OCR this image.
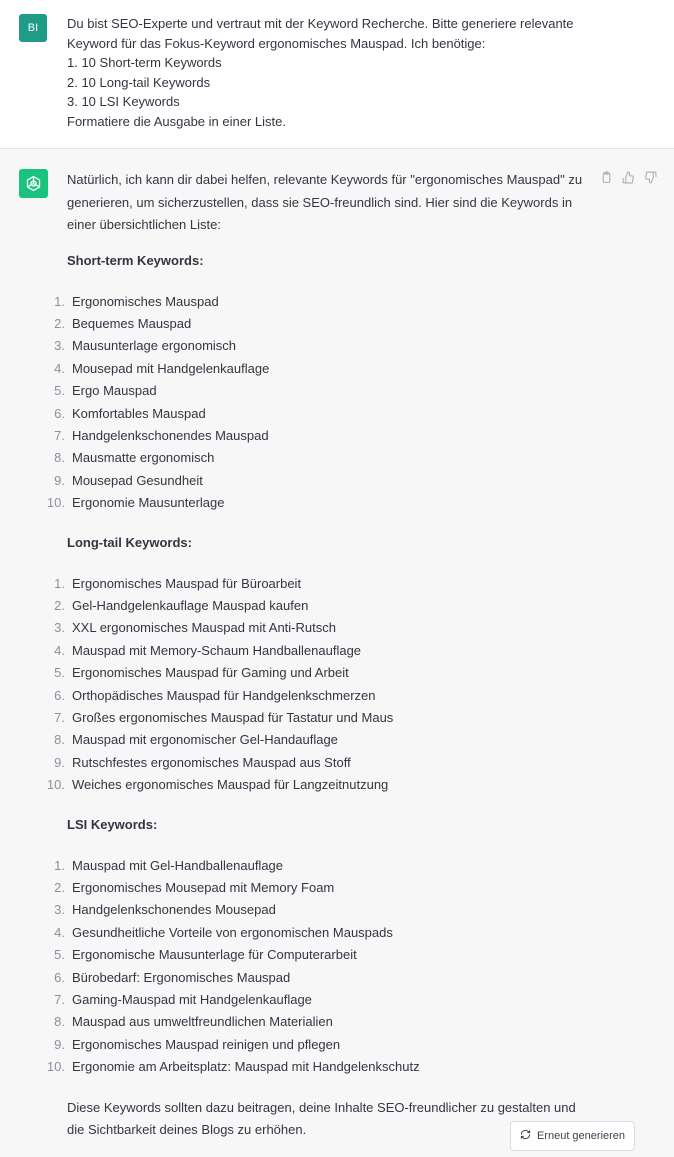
BI	Du bist SEO-Experte und vertraut mit der Keyword Recherche. Bitte generiere relevante
Keyword für das Fokus-Keyword ergonomisches Mauspad. Ich benötige:
1. 10 Short-term Keywords
2. 10 Long-tail Keywords
3. 10 LSI Keywords
Formatiere die Ausgabe in einer Liste.

Natürlich, ich kann dir dabei helfen, relevante Keywords für "ergonomisches Mauspad" zu generieren, um sicherzustellen, dass sie SEO-freundlich sind. Hier sind die Keywords in einer übersichtlichen Liste:

Short-term Keywords:
1. Ergonomisches Mauspad
2. Bequemes Mauspad
3. Mausunterlage ergonomisch
4. Mousepad mit Handgelenkauflage
5. Ergo Mauspad
6. Komfortables Mauspad
7. Handgelenkschonendes Mauspad
8. Mausmatte ergonomisch
9. Mousepad Gesundheit
10. Ergonomie Mausunterlage
Long-tail Keywords:
1. Ergonomisches Mauspad für Büroarbeit
2. Gel-Handgelenkauflage Mauspad kaufen
3. XXL ergonomisches Mauspad mit Anti-Rutsch
4. Mauspad mit Memory-Schaum Handballenauflage
5. Ergonomisches Mauspad für Gaming und Arbeit
6. Orthopädisches Mauspad für Handgelenkschmerzen
7. Großes ergonomisches Mauspad für Tastatur und Maus
8. Mauspad mit ergonomischer Gel-Handauflage
9. Rutschfestes ergonomisches Mauspad aus Stoff
10. Weiches ergonomisches Mauspad für Langzeitnutzung
LSI Keywords:
1. Mauspad mit Gel-Handballenauflage
2. Ergonomisches Mousepad mit Memory Foam
3. Handgelenkschonendes Mousepad
4. Gesundheitliche Vorteile von ergonomischen Mauspads
5. Ergonomische Mausunterlage für Computerarbeit
6. Bürobedarf: Ergonomisches Mauspad
7. Gaming-Mauspad mit Handgelenkauflage
8. Mauspad aus umweltfreundlichen Materialien
9. Ergonomisches Mauspad reinigen und pflegen
10. Ergonomie am Arbeitsplatz: Mauspad mit Handgelenkschutz

Diese Keywords sollten dazu beitragen, deine Inhalte SEO-freundlicher zu gestalten und die Sichtbarkeit deines Blogs zu erhöhen.	Erneut generieren
